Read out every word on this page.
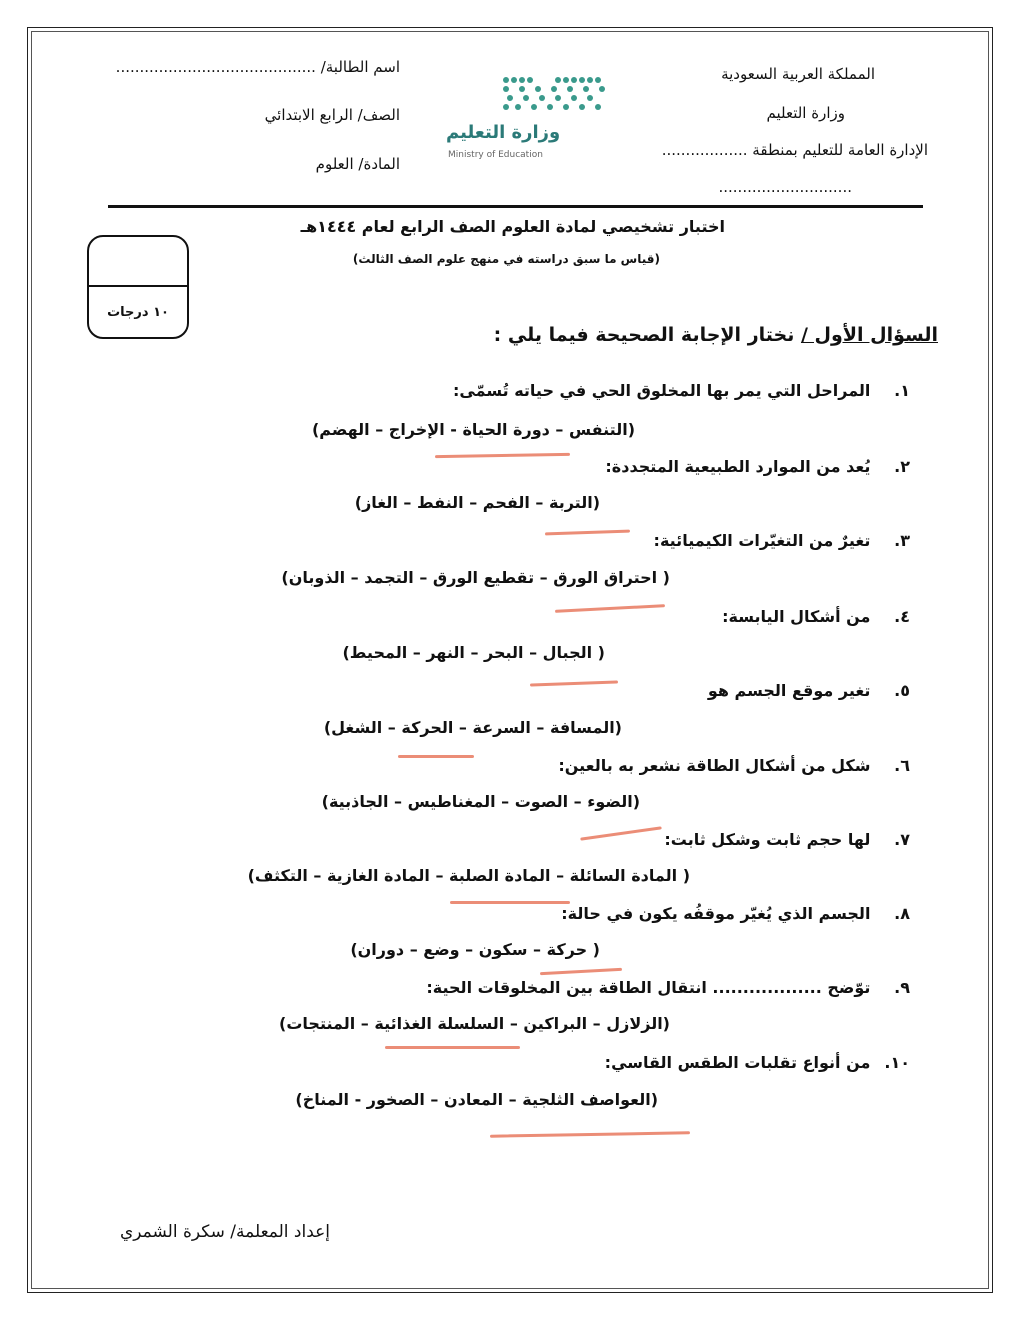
المملكة العربية السعودية
وزارة التعليم
الإدارة العامة للتعليم بمنطقة ..................
............................
وزارة التعليم
Ministry of Education
اسم الطالبة/ ..........................................
الصف/ الرابع الابتدائي
المادة/ العلوم
اختبار تشخيصي لمادة العلوم الصف الرابع لعام ١٤٤٤هـ
(قياس ما سبق دراسته في منهج علوم الصف الثالث)
١٠ درجات
السؤال الأول / نختار الإجابة الصحيحة فيما يلي :
١. المراحل التي يمر بها المخلوق الحي في حياته تُسمّى:
(التنفس – دورة الحياة - الإخراج – الهضم)
٢. يُعد من الموارد الطبيعية المتجددة:
(التربة – الفحم – النفط – الغاز)
٣. تغيرٌ من التغيّرات الكيميائية:
( احتراق الورق – تقطيع الورق – التجمد – الذوبان)
٤. من أشكال اليابسة:
( الجبال – البحر – النهر – المحيط)
٥. تغير موقع الجسم هو
(المسافة – السرعة – الحركة – الشغل)
٦. شكل من أشكال الطاقة نشعر به بالعين:
(الضوء – الصوت – المغناطيس – الجاذبية)
٧. لها حجم ثابت وشكل ثابت:
( المادة السائلة – المادة الصلبة – المادة الغازية – التكثف)
٨. الجسم الذي يُغيّر موقفُه يكون في حالة:
( حركة – سكون – وضع – دوران)
٩. توّضح .................. انتقال الطاقة بين المخلوقات الحية:
(الزلازل – البراكين – السلسلة الغذائية – المنتجات)
١٠. من أنواع تقلبات الطقس القاسي:
(العواصف الثلجية – المعادن – الصخور - المناخ)
إعداد المعلمة/ سكرة الشمري
